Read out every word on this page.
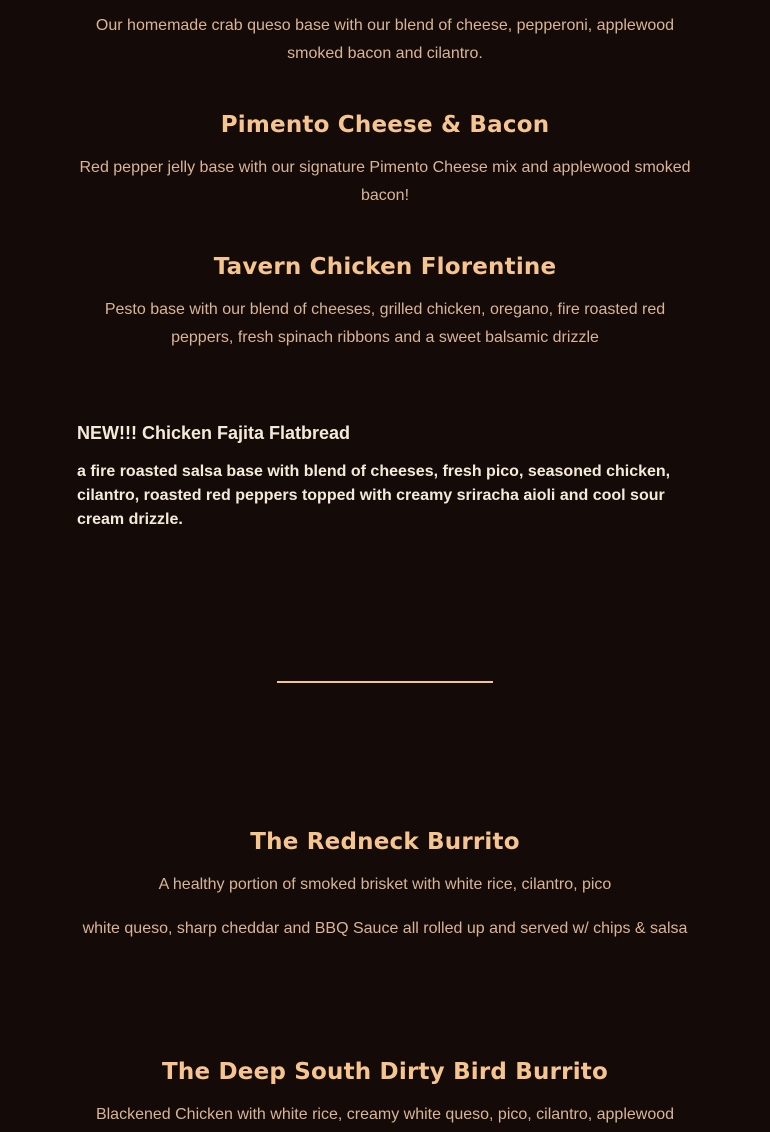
Our homemade crab queso base with our blend of cheese, pepperoni, applewood smoked bacon and cilantro.

Pimento Cheese & Bacon

Red pepper jelly base with our signature Pimento Cheese mix and applewood smoked bacon!

Tavern Chicken Florentine

Pesto base with our blend of cheeses, grilled chicken, oregano, fire roasted red peppers, fresh spinach ribbons and a sweet balsamic drizzle

NEW!!! Chicken Fajita Flatbread

a fire roasted salsa base with blend of cheeses, fresh pico, seasoned chicken, cilantro, roasted red peppers topped with creamy sriracha aioli and cool sour cream drizzle.

The Redneck Burrito

A healthy portion of smoked brisket with white rice, cilantro, pico

white queso, sharp cheddar and BBQ Sauce all rolled up and served w/ chips & salsa

The Deep South Dirty Bird Burrito

Blackened Chicken with white rice, creamy white queso, pico, cilantro, applewood
